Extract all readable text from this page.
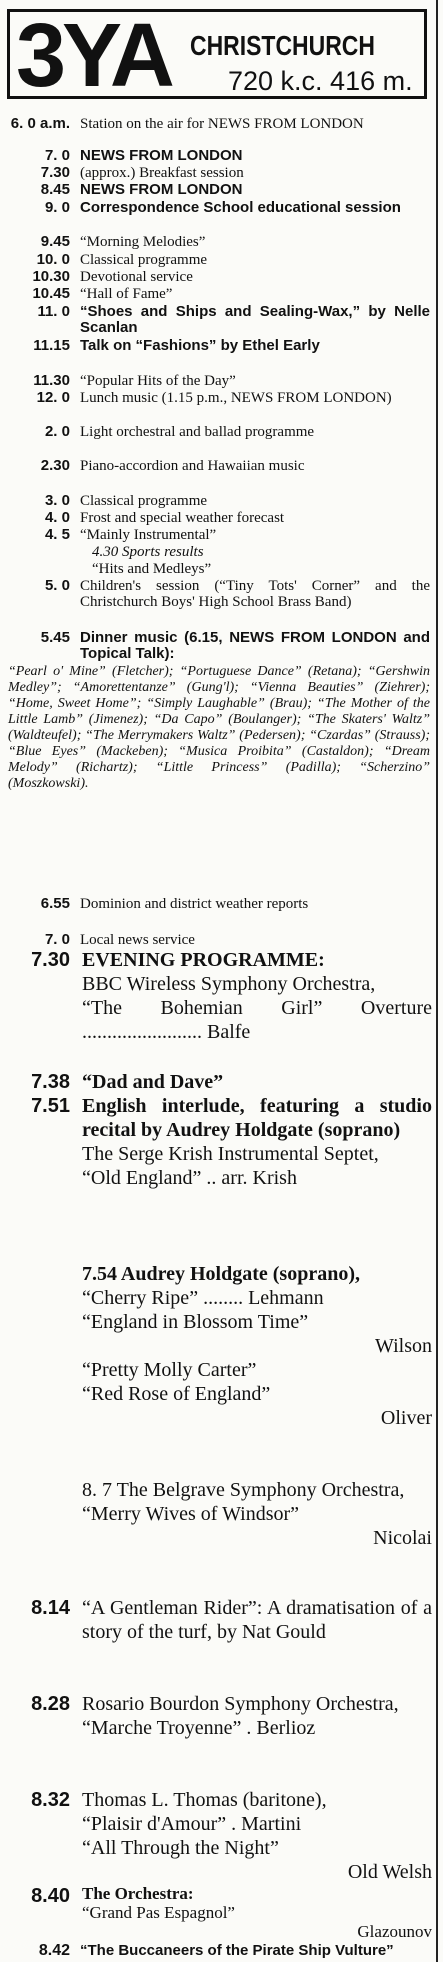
3YA CHRISTCHURCH
720 k.c. 416 m.
6. 0 a.m. Station on the air for NEWS FROM LONDON
7. 0 NEWS FROM LONDON
7.30 (approx.) Breakfast session
8.45 NEWS FROM LONDON
9. 0 Correspondence School educational session
9.45 “Morning Melodies”
10. 0 Classical programme
10.30 Devotional service
10.45 “Hall of Fame”
11. 0 “Shoes and Ships and Sealing-Wax,” by Nelle Scanlan
11.15 Talk on “Fashions” by Ethel Early
11.30 “Popular Hits of the Day”
12. 0 Lunch music (1.15 p.m., NEWS FROM LONDON)
2. 0 Light orchestral and ballad programme
2.30 Piano-accordion and Hawaiian music
3. 0 Classical programme
4. 0 Frost and special weather forecast
4. 5 “Mainly Instrumental”
4.30 Sports results
“Hits and Medleys”
5. 0 Children's session (“Tiny Tots' Corner” and the Christchurch Boys' High School Brass Band)
5.45 Dinner music (6.15, NEWS FROM LONDON and Topical Talk):
“Pearl o' Mine” (Fletcher); “Portuguese Dance” (Retana); “Gershwin Medley”; “Amorettentanze” (Gung'l); “Vienna Beauties” (Ziehrer); “Home, Sweet Home”; “Simply Laughable” (Brau); “The Mother of the Little Lamb” (Jimenez); “Da Capo” (Boulanger); “The Skaters' Waltz” (Waldteufel); “The Merrymakers Waltz” (Pedersen); “Czardas” (Strauss); “Blue Eyes” (Mackeben); “Musica Proibita” (Castaldon); “Dream Melody” (Richartz); “Little Princess” (Padilla); “Scherzino” (Moszkowski).
6.55 Dominion and district weather reports
7. 0 Local news service
7.30 EVENING PROGRAMME:
BBC Wireless Symphony Orchestra,
“The Bohemian Girl” Overture ........................ Balfe
7.38 “Dad and Dave”
7.51 English interlude, featuring a studio recital by Audrey Holdgate (soprano)
The Serge Krish Instrumental Septet,
“Old England” .. arr. Krish
7.54 Audrey Holdgate (soprano),
“Cherry Ripe” ........ Lehmann
“England in Blossom Time”
Wilson
“Pretty Molly Carter”
“Red Rose of England”
Oliver
8. 7 The Belgrave Symphony Orchestra,
“Merry Wives of Windsor”
Nicolai
8.14 “A Gentleman Rider”: A dramatisation of a story of the turf, by Nat Gould
8.28 Rosario Bourdon Symphony Orchestra,
“Marche Troyenne” . Berlioz
8.32 Thomas L. Thomas (baritone),
“Plaisir d'Amour” . Martini
“All Through the Night”
Old Welsh
8.40 The Orchestra:
“Grand Pas Espagnol”
Glazounov
8.42 “The Buccaneers of the Pirate Ship Vulture”
